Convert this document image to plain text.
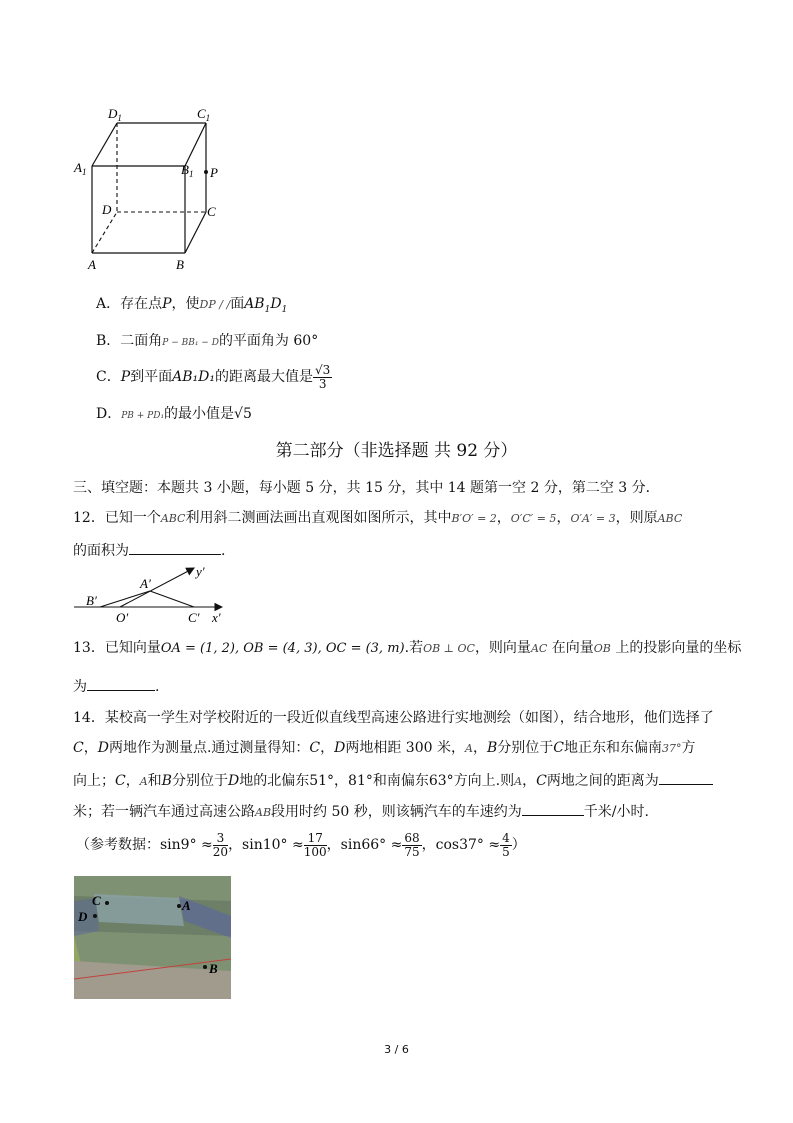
$D_1$	$C_1$
$A_1$	$B_1$ P
D	C
A	B
A．存在点P，使DP / /面$AB_1D_1$
B．二面角P − BB₁ − D的平面角为 60°
C．P到平面AB₁D₁的距离最大值是 $\frac{√3}{3}$
D．PB + PD₁的最小值是√5
第二部分（非选择题 共 92 分）
三、填空题：本题共 3 小题，每小题 5 分，共 15 分，其中 14 题第一空 2 分，第二空 3 分．
12．已知一个ABC利用斜二测画法画出直观图如图所示，其中B′O′ = 2，O′C′ = 5，O′A′ = 3，则原ABC
的面积为	.
y′
A′
B′
O′	C′ x′
13．已知向量OA = (1, 2), OB = (4, 3), OC = (3, m).若OB ⊥ OC，则向量AC 在向量OB 上的投影向量的坐标
为	.
14．某校高一学生对学校附近的一段近似直线型高速公路进行实地测绘（如图），结合地形，他们选择了
C，D两地作为测量点.通过测量得知：C，D两地相距 300 米，A，B分别位于C地正东和东偏南37°方
向上；C，A和B分别位于D地的北偏东51°，81°和南偏东63°方向上.则A，C两地之间的距离为
米；若一辆汽车通过高速公路AB段用时约 50 秒，则该辆汽车的车速约为	千米/小时.
（参考数据：$\sin 9^\circ \approx \frac{3}{20}$ ，$\sin 10^\circ \approx \frac{17}{100}$ ，$\sin 66^\circ \approx \frac{68}{75}$ ，$\cos 37^\circ \approx \frac{4}{5}$ ）
C
D
A
B
3 / 6
